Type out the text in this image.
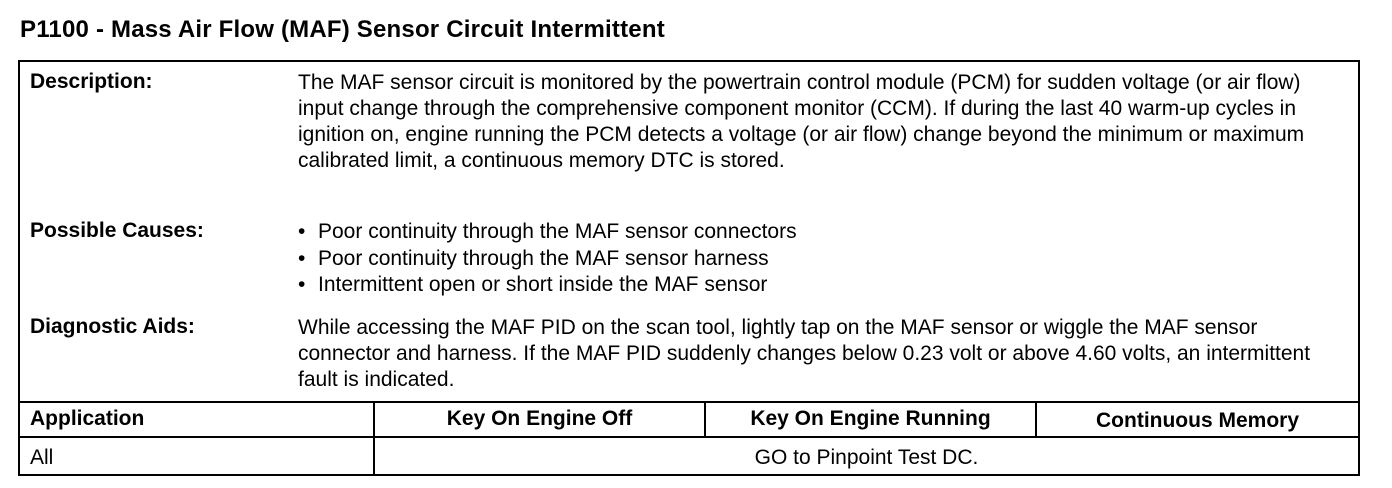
P1100 - Mass Air Flow (MAF) Sensor Circuit Intermittent
Description:	The MAF sensor circuit is monitored by the powertrain control module (PCM) for sudden voltage (or air flow) input change through the comprehensive component monitor (CCM). If during the last 40 warm-up cycles in ignition on, engine running the PCM detects a voltage (or air flow) change beyond the minimum or maximum calibrated limit, a continuous memory DTC is stored.
Possible Causes:	• Poor continuity through the MAF sensor connectors
• Poor continuity through the MAF sensor harness
• Intermittent open or short inside the MAF sensor
Diagnostic Aids:	While accessing the MAF PID on the scan tool, lightly tap on the MAF sensor or wiggle the MAF sensor connector and harness. If the MAF PID suddenly changes below 0.23 volt or above 4.60 volts, an intermittent fault is indicated.
Application	Key On Engine Off	Key On Engine Running	Continuous Memory
All	GO to Pinpoint Test DC.
